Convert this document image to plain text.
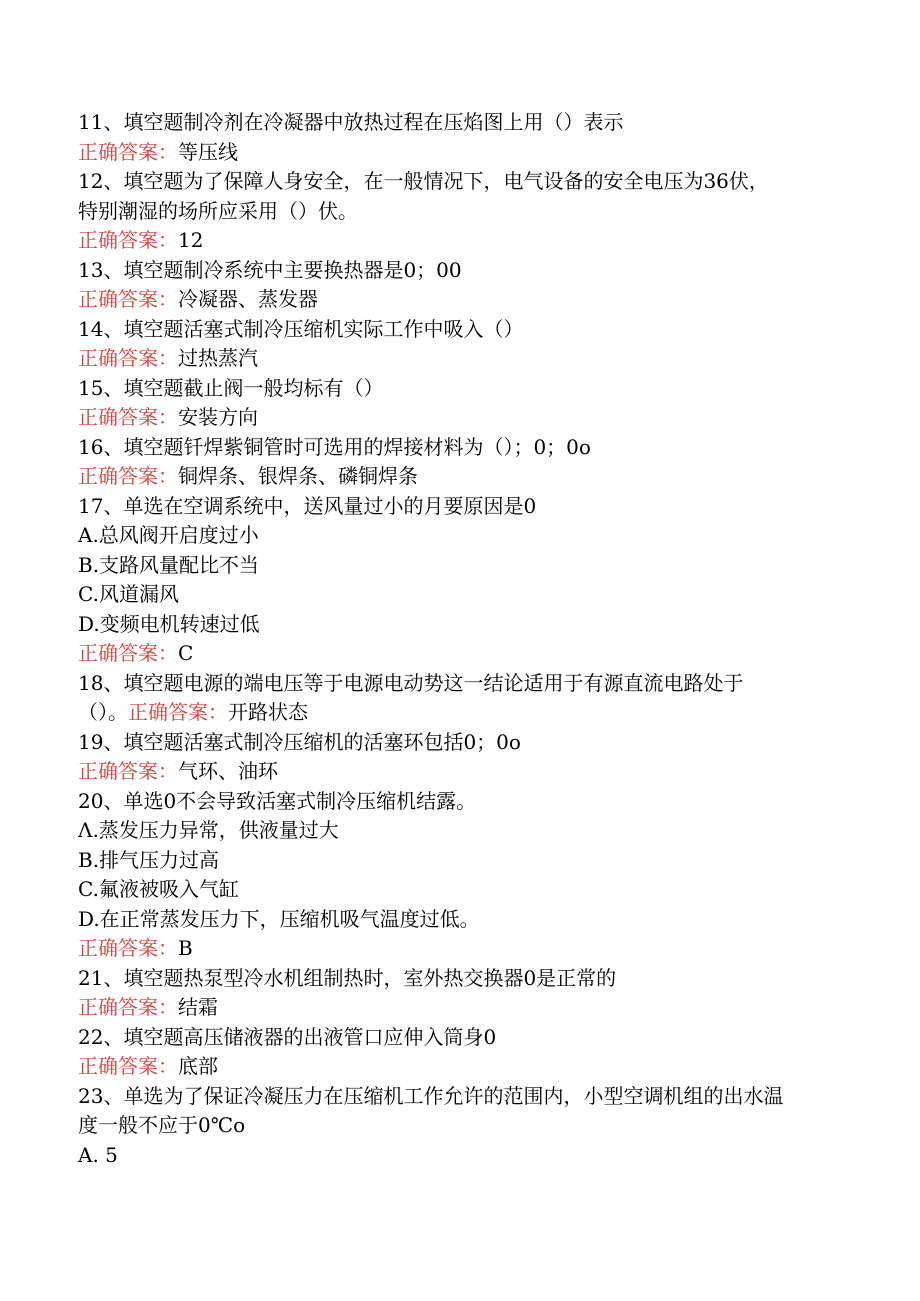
11、填空题制冷剂在冷凝器中放热过程在压焰图上用（）表示
正确答案：等压线
12、填空题为了保障人身安全，在一般情况下，电气设备的安全电压为36伏，
特别潮湿的场所应采用（）伏。
正确答案：12
13、填空题制冷系统中主要换热器是0；00
正确答案：冷凝器、蒸发器
14、填空题活塞式制冷压缩机实际工作中吸入（）
正确答案：过热蒸汽
15、填空题截止阀一般均标有（）
正确答案：安装方向
16、填空题钎焊紫铜管时可选用的焊接材料为（）；0；0o
正确答案：铜焊条、银焊条、磷铜焊条
17、单选在空调系统中，送风量过小的月要原因是0
A.总风阀开启度过小
B.支路风量配比不当
C.风道漏风
D.变频电机转速过低
正确答案：C
18、填空题电源的端电压等于电源电动势这一结论适用于有源直流电路处于
（）。正确答案：开路状态
19、填空题活塞式制冷压缩机的活塞环包括0；0o
正确答案：气环、油环
20、单选0不会导致活塞式制冷压缩机结露。
Λ.蒸发压力异常，供液量过大
B.排气压力过高
C.氟液被吸入气缸
D.在正常蒸发压力下，压缩机吸气温度过低。
正确答案：B
21、填空题热泵型冷水机组制热时，室外热交换器0是正常的
正确答案：结霜
22、填空题高压储液器的出液管口应伸入筒身0
正确答案：底部
23、单选为了保证冷凝压力在压缩机工作允许的范围内，小型空调机组的出水温
度一般不应于0℃o
A. 5
